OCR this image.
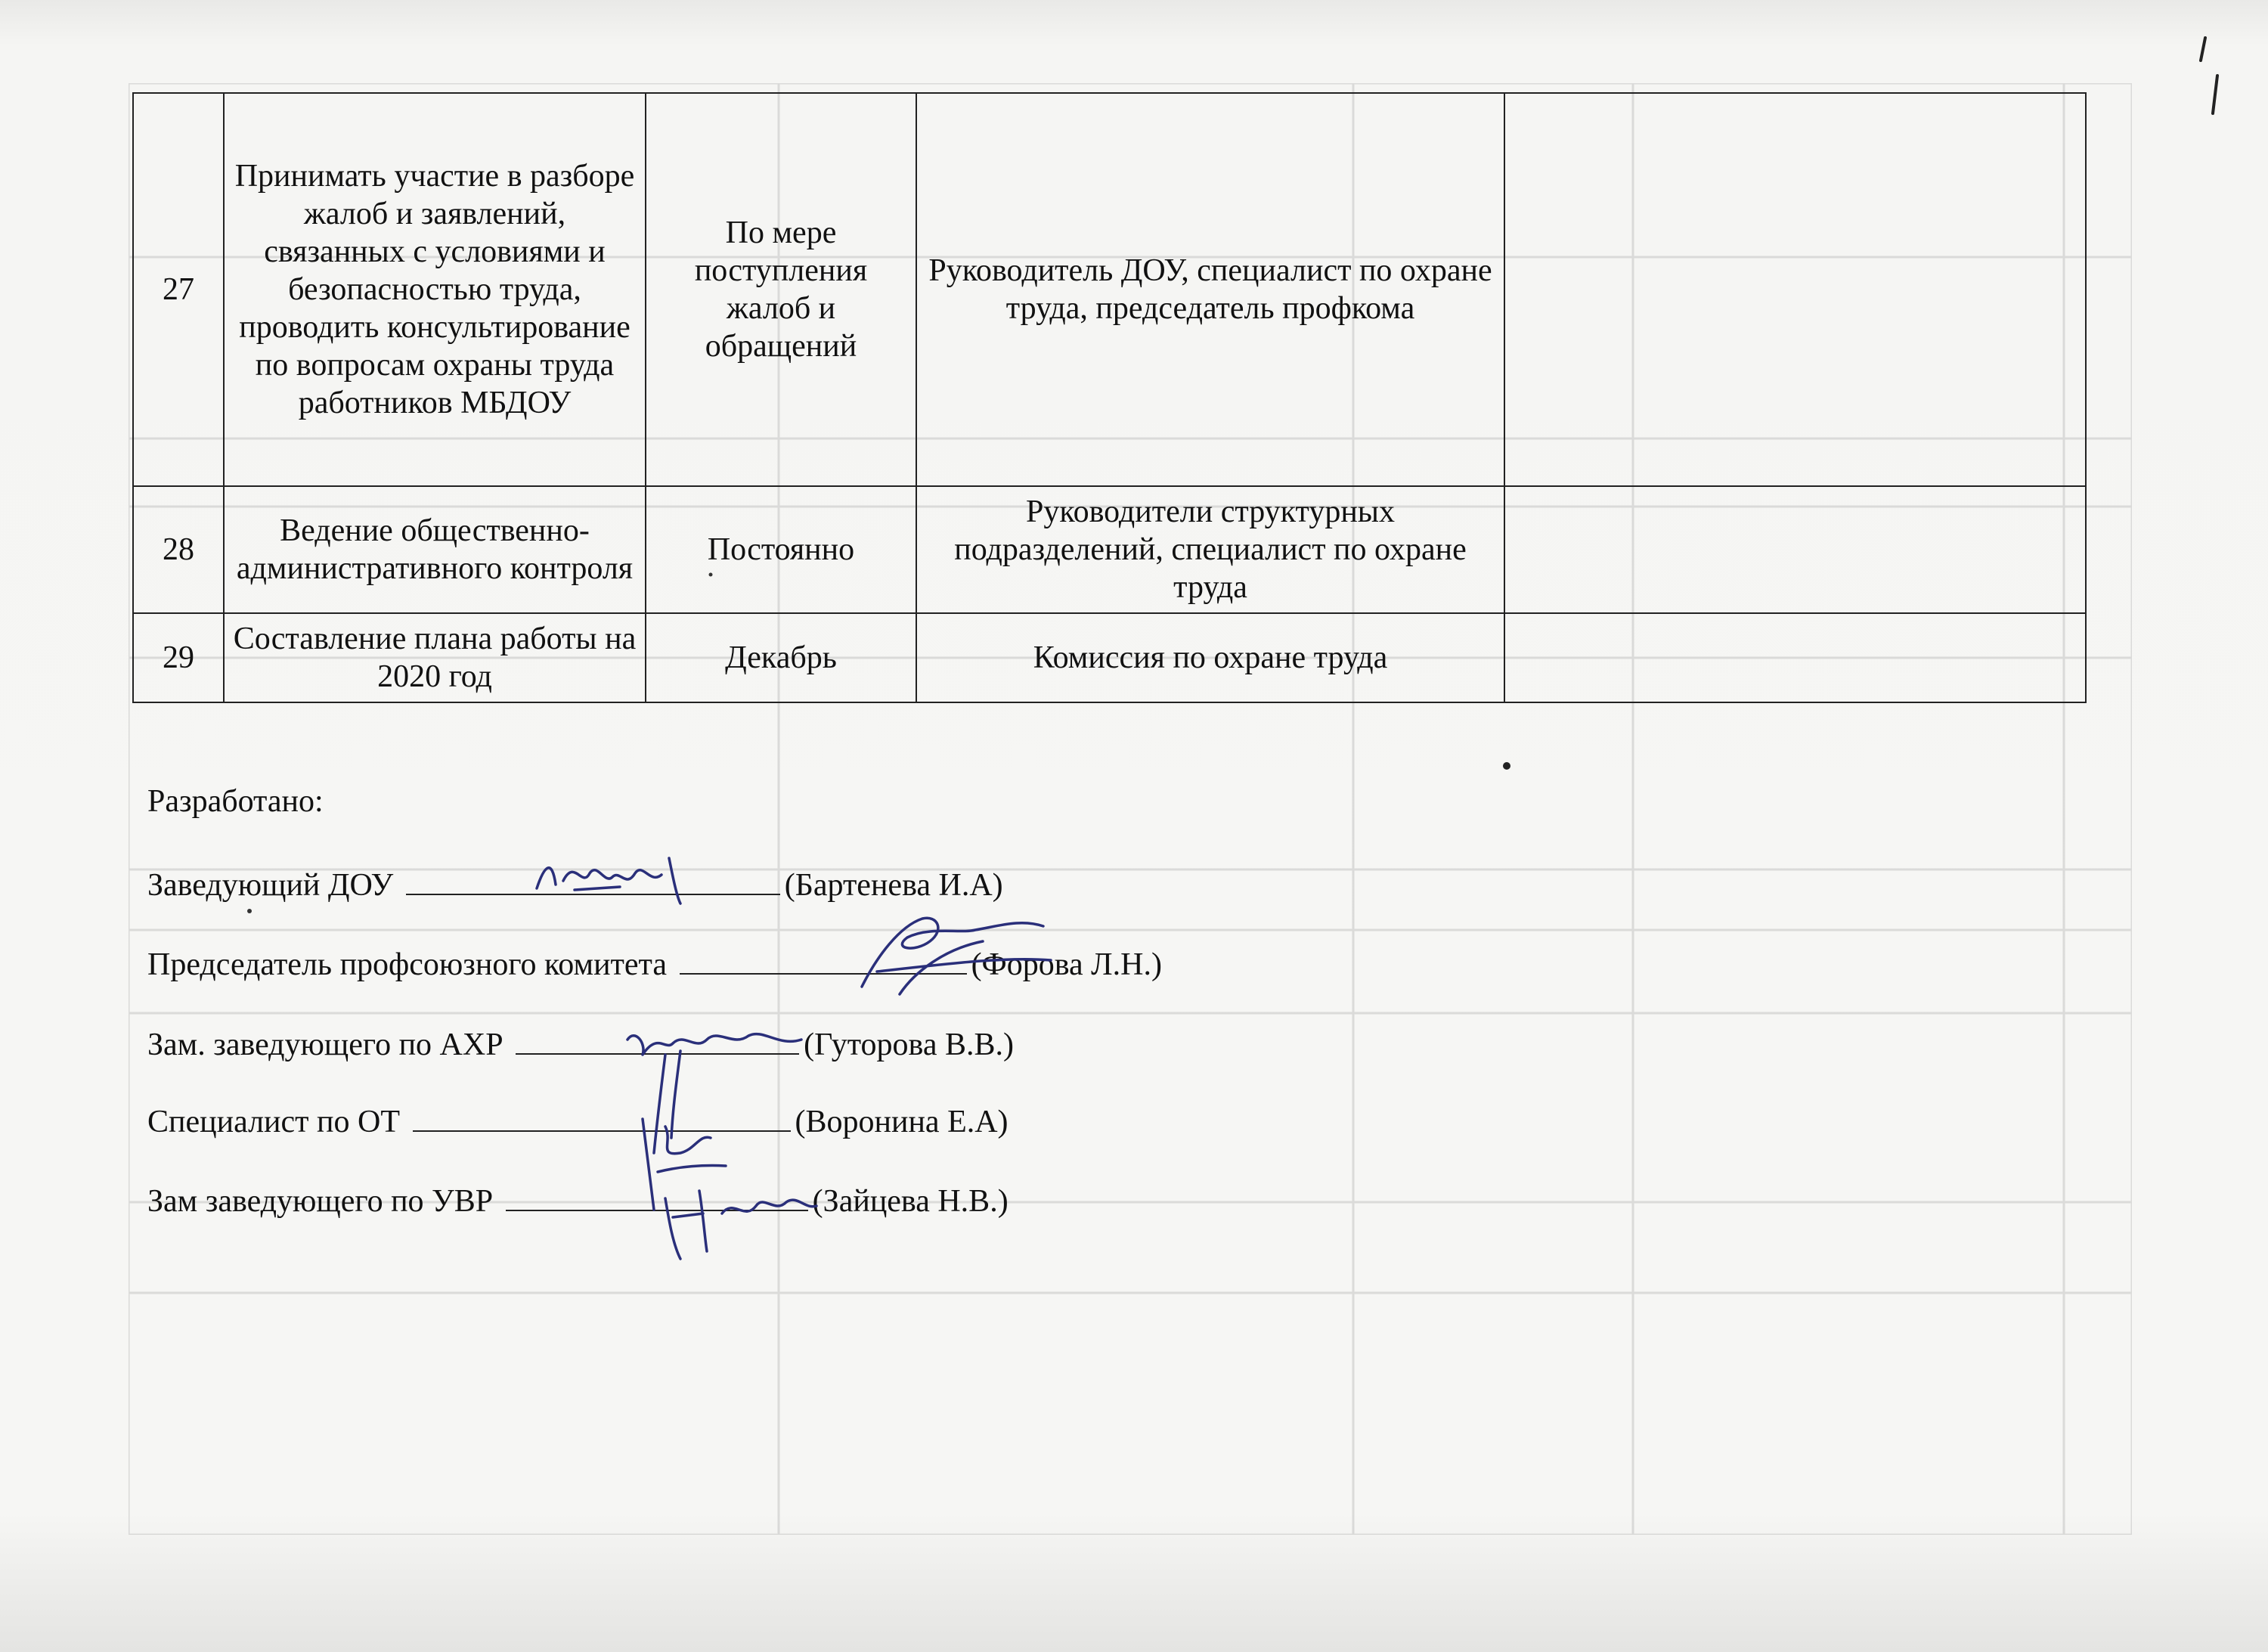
27	Принимать участие в разборе жалоб и заявлений, связанных с условиями и безопасностью труда, проводить консультирование по вопросам охраны труда работников МБДОУ	По мере поступления жалоб и обращений	Руководитель ДОУ, специалист по охране труда, председатель профкома	
28	Ведение общественно-административного контроля	Постоянно	Руководители структурных подразделений, специалист по охране труда	
29	Составление плана работы на 2020 год	Декабрь	Комиссия по охране труда	
Разработано:
Заведующий ДОУ	(Бартенева И.А)
Председатель профсоюзного комитета	(Форова Л.Н.)
Зам. заведующего по АХР	(Гуторова В.В.)
Специалист по ОТ	(Воронина Е.А)
Зам заведующего по УВР	(Зайцева Н.В.)
